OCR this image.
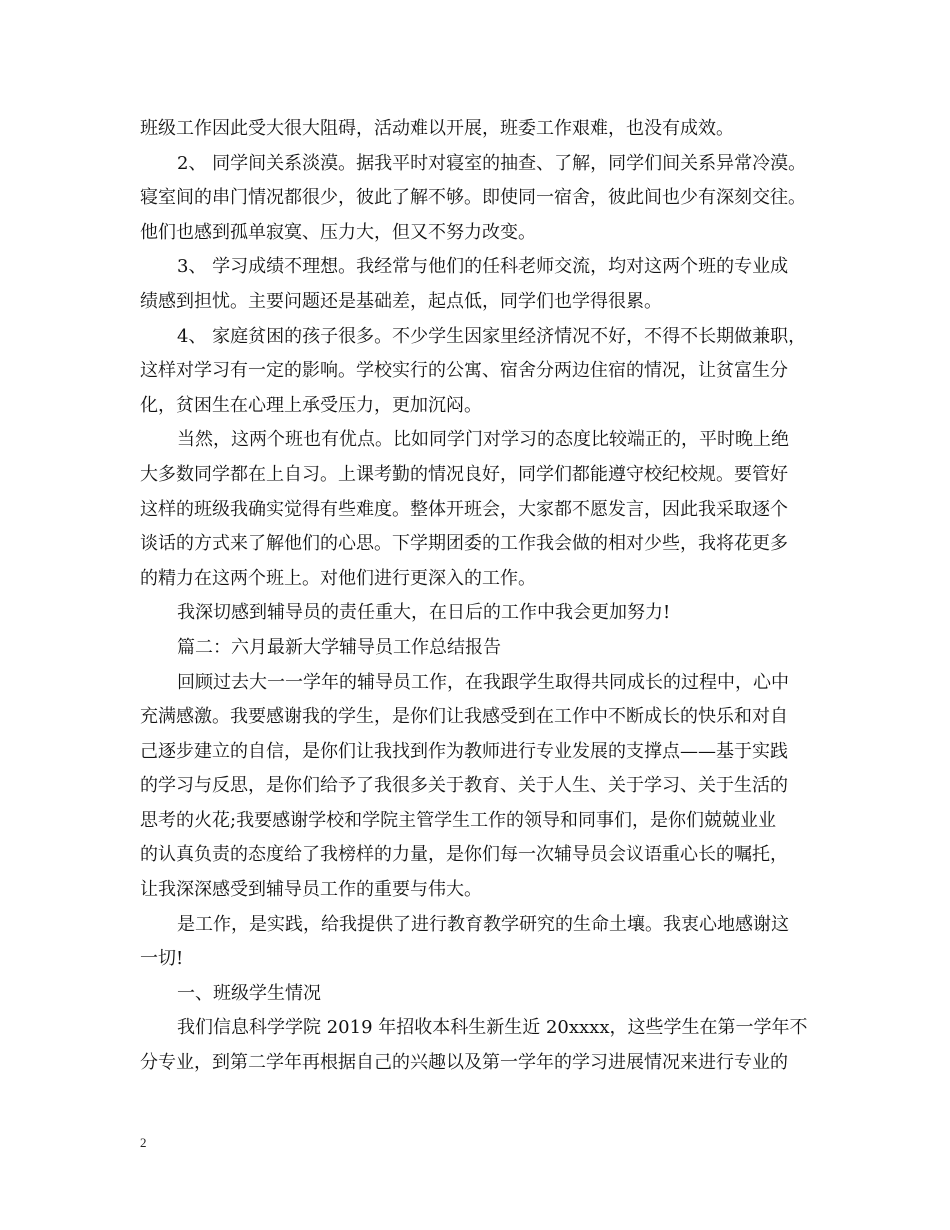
班级工作因此受大很大阻碍，活动难以开展，班委工作艰难，也没有成效。

2、 同学间关系淡漠。据我平时对寝室的抽查、了解，同学们间关系异常冷漠。
寝室间的串门情况都很少，彼此了解不够。即使同一宿舍，彼此间也少有深刻交往。
他们也感到孤单寂寞、压力大，但又不努力改变。

3、 学习成绩不理想。我经常与他们的任科老师交流，均对这两个班的专业成
绩感到担忧。主要问题还是基础差，起点低，同学们也学得很累。

4、 家庭贫困的孩子很多。不少学生因家里经济情况不好，不得不长期做兼职，
这样对学习有一定的影响。学校实行的公寓、宿舍分两边住宿的情况，让贫富生分
化，贫困生在心理上承受压力，更加沉闷。

当然，这两个班也有优点。比如同学门对学习的态度比较端正的，平时晚上绝
大多数同学都在上自习。上课考勤的情况良好，同学们都能遵守校纪校规。要管好
这样的班级我确实觉得有些难度。整体开班会，大家都不愿发言，因此我采取逐个
谈话的方式来了解他们的心思。下学期团委的工作我会做的相对少些，我将花更多
的精力在这两个班上。对他们进行更深入的工作。

我深切感到辅导员的责任重大，在日后的工作中我会更加努力!

篇二：六月最新大学辅导员工作总结报告

回顾过去大一一学年的辅导员工作，在我跟学生取得共同成长的过程中，心中
充满感激。我要感谢我的学生，是你们让我感受到在工作中不断成长的快乐和对自
己逐步建立的自信，是你们让我找到作为教师进行专业发展的支撑点——基于实践
的学习与反思，是你们给予了我很多关于教育、关于人生、关于学习、关于生活的
思考的火花;我要感谢学校和学院主管学生工作的领导和同事们，是你们兢兢业业
的认真负责的态度给了我榜样的力量，是你们每一次辅导员会议语重心长的嘱托，
让我深深感受到辅导员工作的重要与伟大。

是工作，是实践，给我提供了进行教育教学研究的生命土壤。我衷心地感谢这
一切!

一、班级学生情况

我们信息科学学院 2019 年招收本科生新生近 20xxxx，这些学生在第一学年不
分专业，到第二学年再根据自己的兴趣以及第一学年的学习进展情况来进行专业的

2
